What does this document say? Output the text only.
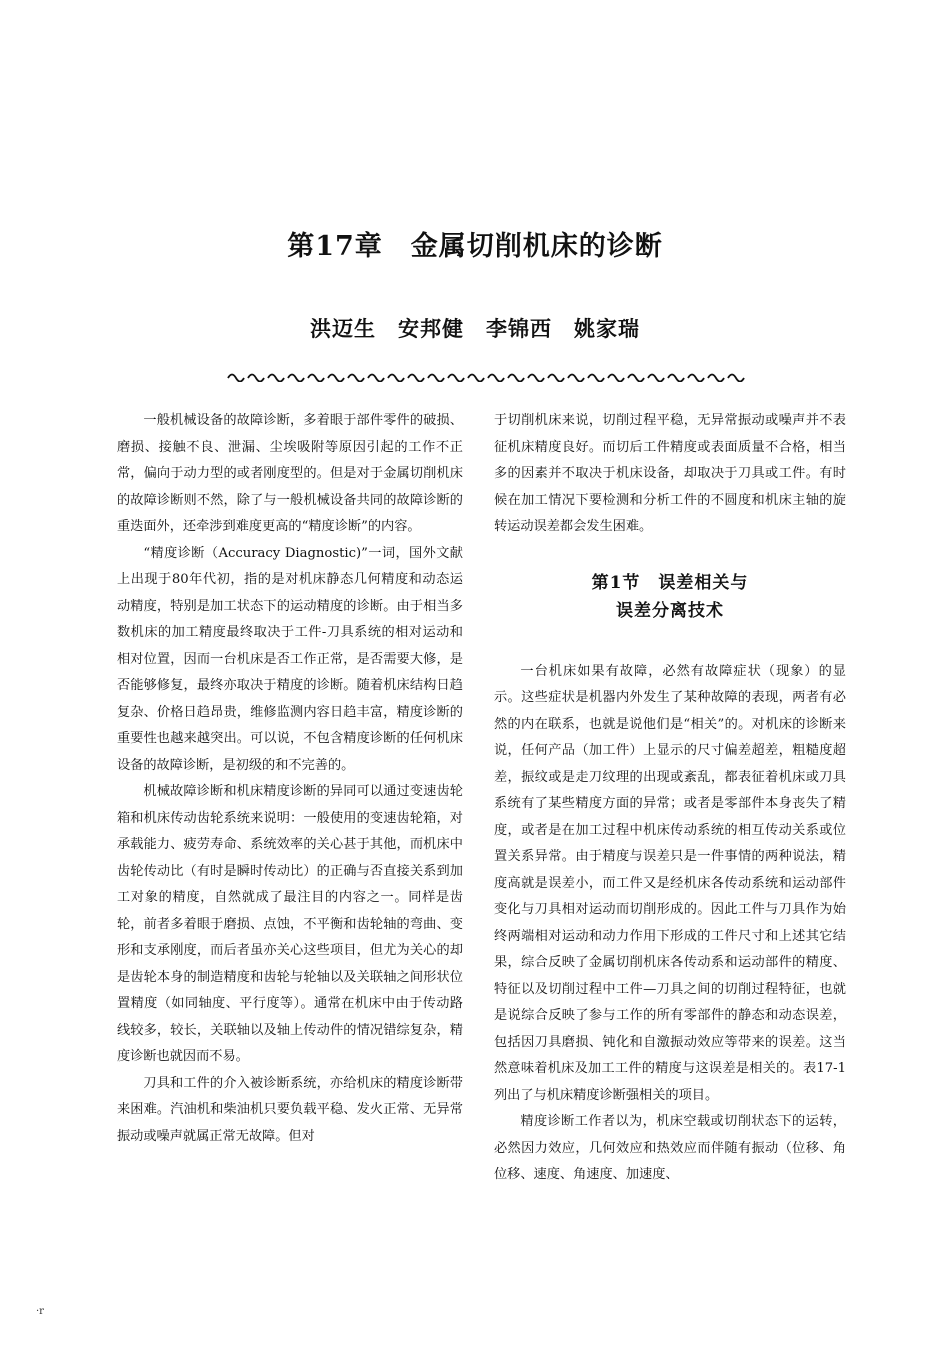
第17章　金属切削机床的诊断
洪迈生　安邦健　李锦西　姚家瑞

一般机械设备的故障诊断，多着眼于部件零件的破损、磨损、接触不良、泄漏、尘埃吸附等原因引起的工作不正常，偏向于动力型的或者刚度型的。但是对于金属切削机床的故障诊断则不然，除了与一般机械设备共同的故障诊断的重迭面外，还牵涉到难度更高的“精度诊断”的内容。

“精度诊断（Accuracy Diagnostic)”一词，国外文献上出现于80年代初，指的是对机床静态几何精度和动态运动精度，特别是加工状态下的运动精度的诊断。由于相当多数机床的加工精度最终取决于工件-刀具系统的相对运动和相对位置，因而一台机床是否工作正常，是否需要大修，是否能够修复，最终亦取决于精度的诊断。随着机床结构日趋复杂、价格日趋昂贵，维修监测内容日趋丰富，精度诊断的重要性也越来越突出。可以说，不包含精度诊断的任何机床设备的故障诊断，是初级的和不完善的。

机械故障诊断和机床精度诊断的异同可以通过变速齿轮箱和机床传动齿轮系统来说明：一般使用的变速齿轮箱，对承载能力、疲劳寿命、系统效率的关心甚于其他，而机床中齿轮传动比（有时是瞬时传动比）的正确与否直接关系到加工对象的精度，自然就成了最注目的内容之一。同样是齿轮，前者多着眼于磨损、点蚀，不平衡和齿轮轴的弯曲、变形和支承刚度，而后者虽亦关心这些项目，但尤为关心的却是齿轮本身的制造精度和齿轮与轮轴以及关联轴之间形状位置精度（如同轴度、平行度等）。通常在机床中由于传动路线较多，较长，关联轴以及轴上传动件的情况错综复杂，精度诊断也就因而不易。

刀具和工件的介入被诊断系统，亦给机床的精度诊断带来困难。汽油机和柴油机只要负载平稳、发火正常、无异常振动或噪声就属正常无故障。但对

于切削机床来说，切削过程平稳，无异常振动或噪声并不表征机床精度良好。而切后工件精度或表面质量不合格，相当多的因素并不取决于机床设备，却取决于刀具或工件。有时候在加工情况下要检测和分析工件的不圆度和机床主轴的旋转运动误差都会发生困难。

第1节　误差相关与
误差分离技术

一台机床如果有故障，必然有故障症状（现象）的显示。这些症状是机器内外发生了某种故障的表现，两者有必然的内在联系，也就是说他们是“相关”的。对机床的诊断来说，任何产品（加工件）上显示的尺寸偏差超差，粗糙度超差，振纹或是走刀纹理的出现或紊乱，都表征着机床或刀具系统有了某些精度方面的异常；或者是零部件本身丧失了精度，或者是在加工过程中机床传动系统的相互传动关系或位置关系异常。由于精度与误差只是一件事情的两种说法，精度高就是误差小，而工件又是经机床各传动系统和运动部件变化与刀具相对运动而切削形成的。因此工件与刀具作为始终两端相对运动和动力作用下形成的工件尺寸和上述其它结果，综合反映了金属切削机床各传动系和运动部件的精度、特征以及切削过程中工件—刀具之间的切削过程特征，也就是说综合反映了参与工作的所有零部件的静态和动态误差，包括因刀具磨损、钝化和自激振动效应等带来的误差。这当然意味着机床及加工工件的精度与这误差是相关的。表17-1列出了与机床精度诊断强相关的项目。

精度诊断工作者以为，机床空载或切削状态下的运转，必然因力效应，几何效应和热效应而伴随有振动（位移、角位移、速度、角速度、加速度、

·r
